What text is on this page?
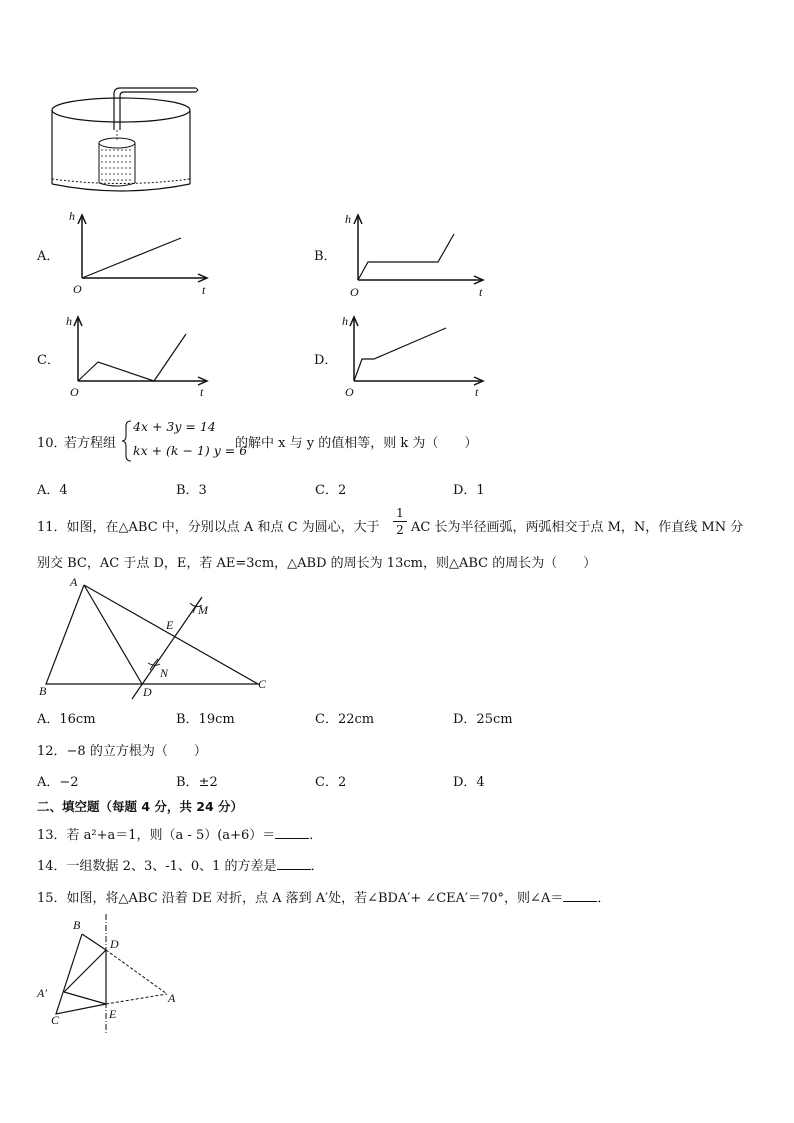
A．
h
O	t
B．
h
O	t
C．
h
O	t
D．
h
O	t
10．
若方程组
4x + 3y = 14
kx + (k − 1) y = 6
的解中 x 与 y 的值相等，则 k 为（　　）
A．4	B．3	C．2	D．1
11．如图，在△ABC 中，分别以点 A 和点 C 为圆心，大于
1
2 AC 长为半径画弧，两弧相交于点 M，N，作直线 MN 分
别交 BC，AC 于点 D，E，若 AE=3cm，△ABD 的周长为 13cm，则△ABC 的周长为（　　）
A
B	C
D
E
M
N
A．16cm	B．19cm	C．22cm	D．25cm
12．−8 的立方根为（　　）
A．−2	B．±2	C．2	D．4
二、填空题（每题 4 分，共 24 分）
13．若 a²+a＝1，则（a - 5）(a+6）＝	．
14．一组数据 2、3、-1、0、1 的方差是	．
15．如图，将△ABC 沿着 DE 对折，点 A 落到 A′处，若∠BDA′+ ∠CEA′＝70°，则∠A＝	．
B
D
A′	A
C	E
